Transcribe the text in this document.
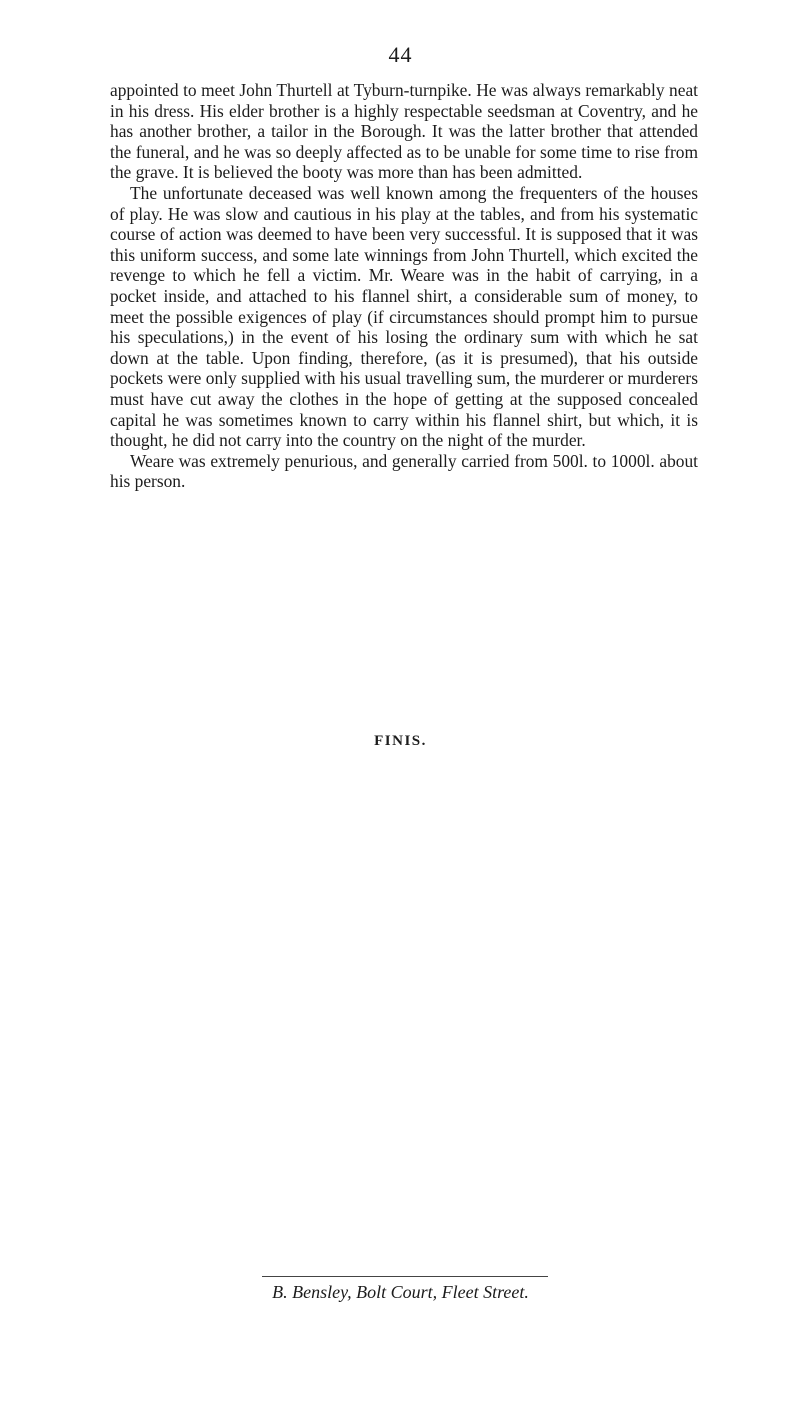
44

appointed to meet John Thurtell at Tyburn-turnpike. He was always remarkably neat in his dress. His elder brother is a highly respectable seedsman at Coventry, and he has another brother, a tailor in the Borough. It was the latter brother that attended the funeral, and he was so deeply affected as to be unable for some time to rise from the grave. It is believed the booty was more than has been admitted.

The unfortunate deceased was well known among the frequenters of the houses of play. He was slow and cautious in his play at the tables, and from his systematic course of action was deemed to have been very successful. It is supposed that it was this uniform success, and some late winnings from John Thurtell, which excited the revenge to which he fell a victim. Mr. Weare was in the habit of carrying, in a pocket inside, and attached to his flannel shirt, a considerable sum of money, to meet the possible exigences of play (if circumstances should prompt him to pursue his speculations,) in the event of his losing the ordinary sum with which he sat down at the table. Upon finding, therefore, (as it is presumed), that his outside pockets were only supplied with his usual travelling sum, the murderer or murderers must have cut away the clothes in the hope of getting at the supposed concealed capital he was sometimes known to carry within his flannel shirt, but which, it is thought, he did not carry into the country on the night of the murder.

Weare was extremely penurious, and generally carried from 500l. to 1000l. about his person.

FINIS.
B. Bensley, Bolt Court, Fleet Street.
